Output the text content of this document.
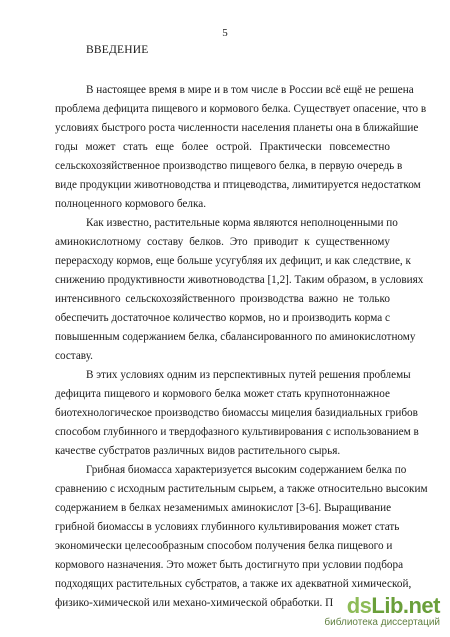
5
ВВЕДЕНИЕ
В настоящее время в мире и в том числе в России всё ещё не решена
проблема дефицита пищевого и кормового белка. Существует опасение, что в
условиях быстрого роста численности населения планеты она в ближайшие
годы может стать еще более острой. Практически повсеместно
сельскохозяйственное производство пищевого белка, в первую очередь в
виде продукции животноводства и птицеводства, лимитируется недостатком
полноценного кормового белка.
Как известно, растительные корма являются неполноценными по
аминокислотному составу белков. Это приводит к существенному
перерасходу кормов, еще больше усугубляя их дефицит, и как следствие, к
снижению продуктивности животноводства [1,2]. Таким образом, в условиях
интенсивного сельскохозяйственного производства важно не только
обеспечить достаточное количество кормов, но и производить корма с
повышенным содержанием белка, сбалансированного по аминокислотному
составу.
В этих условиях одним из перспективных путей решения проблемы
дефицита пищевого и кормового белка может стать крупнотоннажное
биотехнологическое производство биомассы мицелия базидиальных грибов
способом глубинного и твердофазного культивирования с использованием в
качестве субстратов различных видов растительного сырья.
Грибная биомасса характеризуется высоким содержанием белка по
сравнению с исходным растительным сырьем, а также относительно высоким
содержанием в белках незаменимых аминокислот [3-6]. Выращивание
грибной биомассы в условиях глубинного культивирования может стать
экономически целесообразным способом получения белка пищевого и
кормового назначения. Это может быть достигнуто при условии подбора
подходящих растительных субстратов, а также их адекватной химической,
физико-химической или механо-химической обработки. П dsLib.net
библиотека диссертаций
